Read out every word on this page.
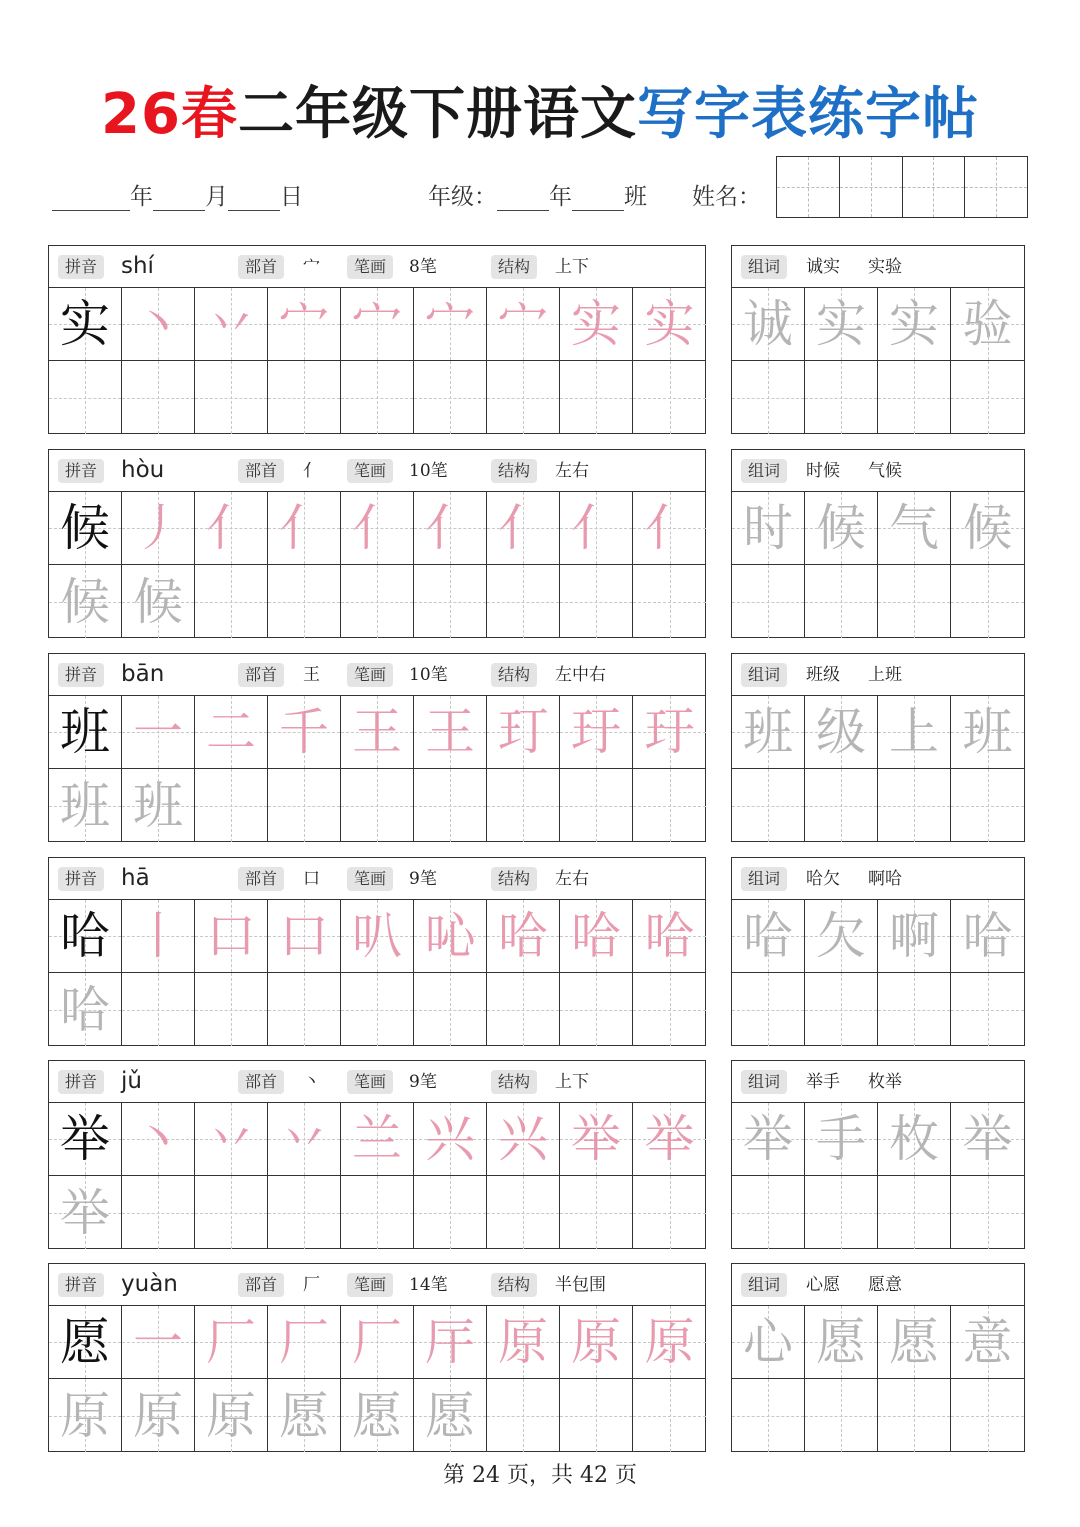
26春二年级下册语文写字表练字帖
年 月 日	年级： 年 班 姓名：
拼音	shí	部首	宀	笔画	8笔	结构	上下
实 丶 丷 宀 宀 宀 宀 实 实
组词	诚实 实验
诚 实 实 验
拼音	hòu	部首	亻	笔画	10笔	结构	左右
候 丿 亻 亻 亻 亻 亻 亻 亻
候 候
组词	时候 气候
时 候 气 候
拼音	bān	部首	王	笔画	10笔	结构	左中右
班 一 二 千 王 王 玎 玗 玗
班 班
组词	班级 上班
班 级 上 班
拼音	hā	部首	口	笔画	9笔	结构	左右
哈 丨 口 口 叭 吣 哈 哈 哈
哈
组词	哈欠 啊哈
哈 欠 啊 哈
拼音	jǔ	部首	丶	笔画	9笔	结构	上下
举 丶 丷 丷 兰 兴 兴 举 举
举
组词	举手 枚举
举 手 枚 举
拼音	yuàn	部首	厂	笔画	14笔	结构	半包围
愿 一 厂 厂 厂 厈 原 原 原
原 原 原 愿 愿 愿
组词	心愿 愿意
心 愿 愿 意
第 24 页，共 42 页
